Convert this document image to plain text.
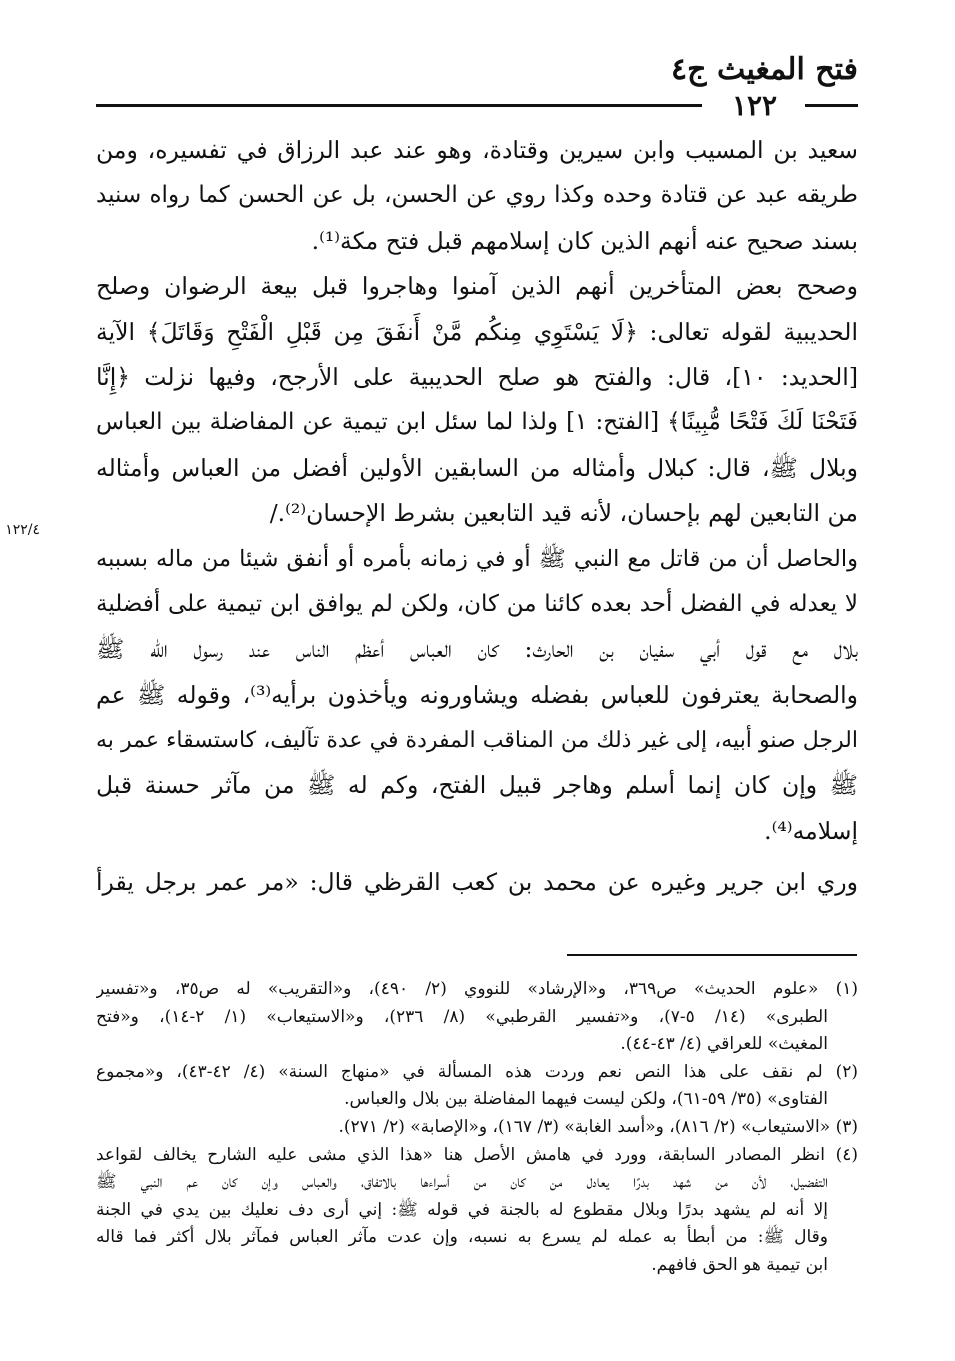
فتح المغيث ج٤
١٢٢
سعيد بن المسيب وابن سيرين وقتادة، وهو عند عبد الرزاق في تفسيره، ومن
طريقه عبد عن قتادة وحده وكذا روي عن الحسن، بل عن الحسن كما رواه سنيد
بسند صحيح عنه أنهم الذين كان إسلامهم قبل فتح مكة⁽¹⁾.
وصحح بعض المتأخرين أنهم الذين آمنوا وهاجروا قبل بيعة الرضوان وصلح
الحديبية لقوله تعالى: ﴿لَا يَسْتَوِي مِنكُم مَّنْ أَنفَقَ مِن قَبْلِ الْفَتْحِ وَقَاتَلَ﴾ الآية
[الحديد: ١٠]، قال: والفتح هو صلح الحديبية على الأرجح، وفيها نزلت ﴿إِنَّا
فَتَحْنَا لَكَ فَتْحًا مُّبِينًا﴾ [الفتح: ١] ولذا لما سئل ابن تيمية عن المفاضلة بين العباس
وبلال ﷺ، قال: كبلال وأمثاله من السابقين الأولين أفضل من العباس وأمثاله
من التابعين لهم بإحسان، لأنه قيد التابعين بشرط الإحسان⁽²⁾./
والحاصل أن من قاتل مع النبي ﷺ أو في زمانه بأمره أو أنفق شيئا من ماله بسببه
لا يعدله في الفضل أحد بعده كائنا من كان، ولكن لم يوافق ابن تيمية على أفضلية
بلال مع قول أبي سفيان بن الحارث: كان العباس أعظم الناس عند رسول الله ﷺ
والصحابة يعترفون للعباس بفضله ويشاورونه ويأخذون برأيه⁽³⁾، وقوله ﷺ عم
الرجل صنو أبيه، إلى غير ذلك من المناقب المفردة في عدة تآليف، كاستسقاء عمر به
ﷺ وإن كان إنما أسلم وهاجر قبيل الفتح، وكم له ﷺ من مآثر حسنة قبل
إسلامه⁽⁴⁾.
وري ابن جرير وغيره عن محمد بن كعب القرظي قال: «مر عمر برجل يقرأ
١٢٢/٤
(١) «علوم الحديث» ص٣٦٩، و«الإرشاد» للنووي (٢/ ٤٩٠)، و«التقريب» له ص٣٥، و«تفسير
الطبرى» (١٤/ ٥-٧)، و«تفسير القرطبي» (٨/ ٢٣٦)، و«الاستيعاب» (١/ ٢-١٤)، و«فتح
المغيث» للعراقي (٤/ ٤٣-٤٤).
(٢) لم نقف على هذا النص نعم وردت هذه المسألة في «منهاج السنة» (٤/ ٤٢-٤٣)، و«مجموع
الفتاوى» (٣٥/ ٥٩-٦١)، ولكن ليست فيهما المفاضلة بين بلال والعباس.
(٣) «الاستيعاب» (٢/ ٨١٦)، و«أسد الغابة» (٣/ ١٦٧)، و«الإصابة» (٢/ ٢٧١).
(٤) انظر المصادر السابقة، وورد في هامش الأصل هنا «هذا الذي مشى عليه الشارح يخالف لقواعد
التفضيل، لأن من شهد بدرًا يعادل من كان من أسراءها بالاتفاق، والعباس وإن كان عم النبي ﷺ
إلا أنه لم يشهد بدرًا وبلال مقطوع له بالجنة في قوله ﷺ: إني أرى دف نعليك بين يدي في الجنة
وقال ﷺ: من أبطأ به عمله لم يسرع به نسبه، وإن عدت مآثر العباس فمآثر بلال أكثر فما قاله
ابن تيمية هو الحق فافهم.
